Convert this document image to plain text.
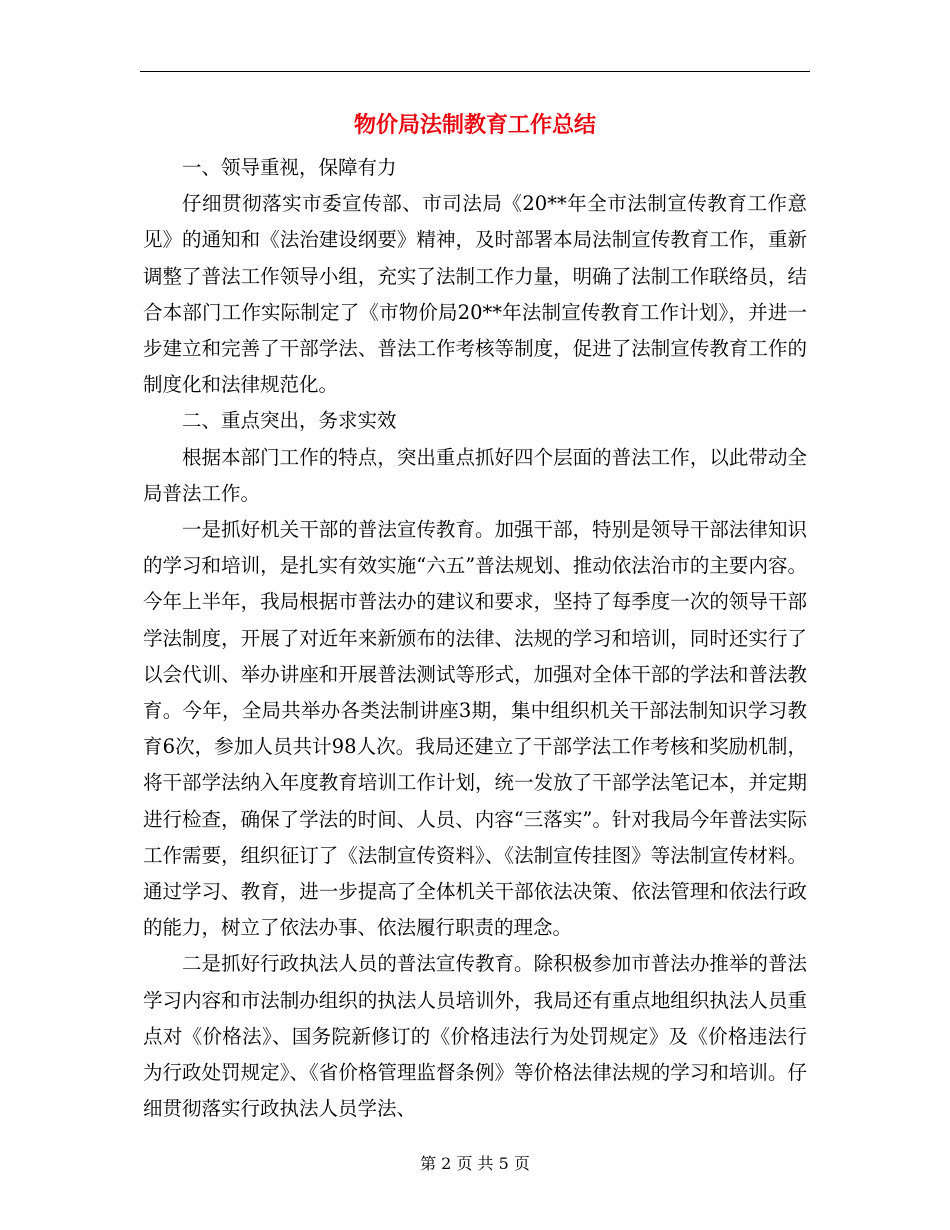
物价局法制教育工作总结

一、领导重视，保障有力

仔细贯彻落实市委宣传部、市司法局《20**年全市法制宣传教育工作意见》的通知和《法治建设纲要》精神，及时部署本局法制宣传教育工作，重新调整了普法工作领导小组，充实了法制工作力量，明确了法制工作联络员，结合本部门工作实际制定了《市物价局20**年法制宣传教育工作计划》，并进一步建立和完善了干部学法、普法工作考核等制度，促进了法制宣传教育工作的制度化和法律规范化。

二、重点突出，务求实效

根据本部门工作的特点，突出重点抓好四个层面的普法工作，以此带动全局普法工作。

一是抓好机关干部的普法宣传教育。加强干部，特别是领导干部法律知识的学习和培训，是扎实有效实施“六五”普法规划、推动依法治市的主要内容。今年上半年，我局根据市普法办的建议和要求，坚持了每季度一次的领导干部学法制度，开展了对近年来新颁布的法律、法规的学习和培训，同时还实行了以会代训、举办讲座和开展普法测试等形式，加强对全体干部的学法和普法教育。今年，全局共举办各类法制讲座3期，集中组织机关干部法制知识学习教育6次，参加人员共计98人次。我局还建立了干部学法工作考核和奖励机制，将干部学法纳入年度教育培训工作计划，统一发放了干部学法笔记本，并定期进行检查，确保了学法的时间、人员、内容“三落实”。针对我局今年普法实际工作需要，组织征订了《法制宣传资料》、《法制宣传挂图》等法制宣传材料。通过学习、教育，进一步提高了全体机关干部依法决策、依法管理和依法行政的能力，树立了依法办事、依法履行职责的理念。

二是抓好行政执法人员的普法宣传教育。除积极参加市普法办推举的普法学习内容和市法制办组织的执法人员培训外，我局还有重点地组织执法人员重点对《价格法》、国务院新修订的《价格违法行为处罚规定》及《价格违法行为行政处罚规定》、《省价格管理监督条例》等价格法律法规的学习和培训。仔细贯彻落实行政执法人员学法、

第 2 页 共 5 页
